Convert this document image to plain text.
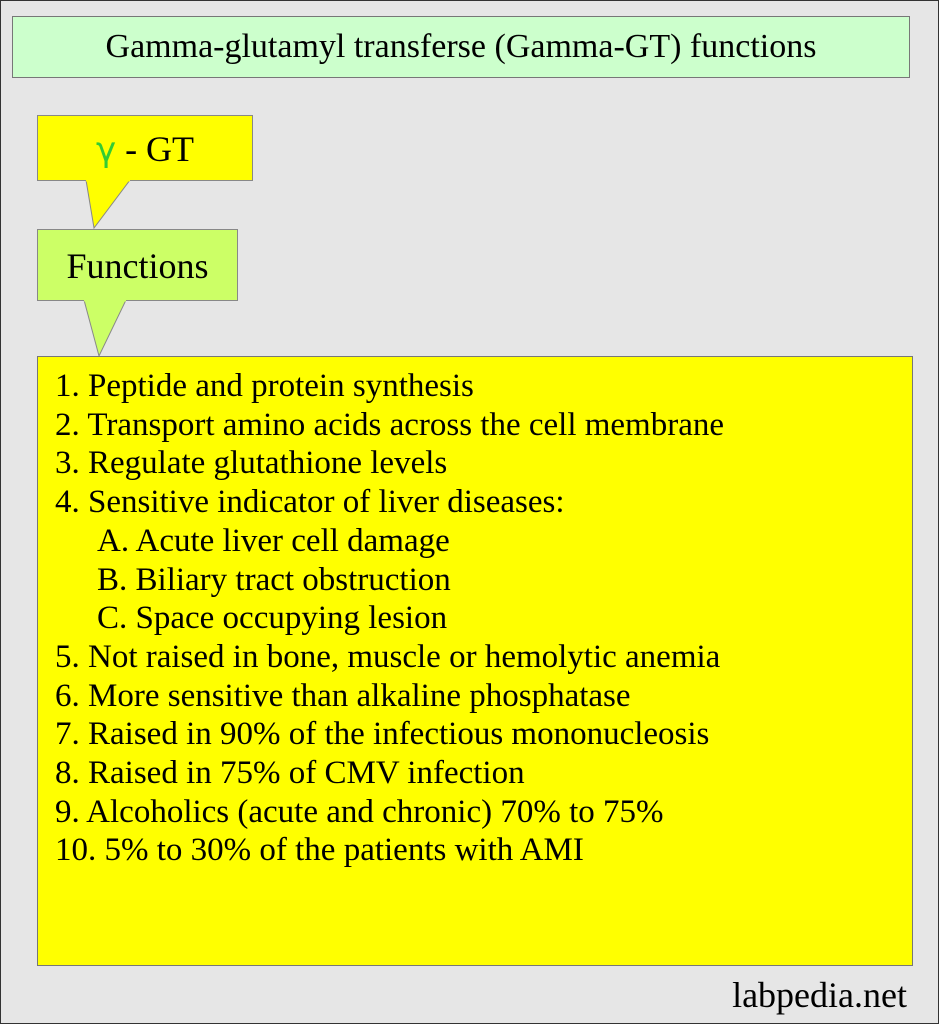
Gamma-glutamyl transferse (Gamma-GT) functions
γ - GT
Functions
1. Peptide and protein synthesis
2. Transport amino acids across the cell membrane
3. Regulate glutathione levels
4. Sensitive indicator of liver diseases:
A. Acute liver cell damage
B. Biliary tract obstruction
C. Space occupying lesion
5. Not raised in bone, muscle or hemolytic anemia
6. More sensitive than alkaline phosphatase
7. Raised in 90% of the infectious mononucleosis
8. Raised in 75% of CMV infection
9. Alcoholics (acute and chronic) 70% to 75%
10. 5% to 30% of the patients with AMI
labpedia.net
